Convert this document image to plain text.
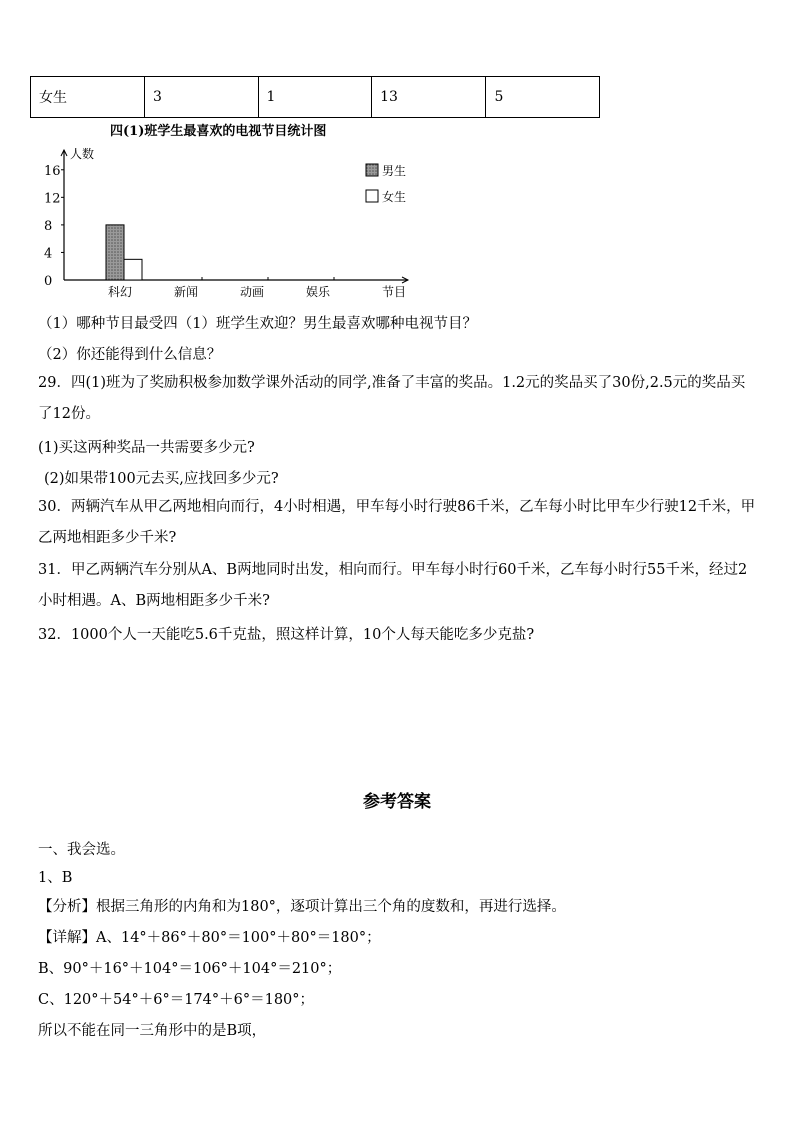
女生	3	1	13	5
四(1)班学生最喜欢的电视节目统计图
人数
节目
0
4
8
12
16
科幻	新闻	动画	娱乐
男生
女生
（1）哪种节目最受四（1）班学生欢迎？男生最喜欢哪种电视节目？
（2）你还能得到什么信息？
29．四(1)班为了奖励积极参加数学课外活动的同学,准备了丰富的奖品。1.2元的奖品买了30份,2.5元的奖品买了12份。
(1)买这两种奖品一共需要多少元?
(2)如果带100元去买,应找回多少元?
30．两辆汽车从甲乙两地相向而行，4小时相遇，甲车每小时行驶86千米，乙车每小时比甲车少行驶12千米，甲乙两地相距多少千米?
31．甲乙两辆汽车分别从A、B两地同时出发，相向而行。甲车每小时行60千米，乙车每小时行55千米，经过2小时相遇。A、B两地相距多少千米?
32．1000个人一天能吃5.6千克盐，照这样计算，10个人每天能吃多少克盐?
参考答案
一、我会选。
1、B
【分析】根据三角形的内角和为180°，逐项计算出三个角的度数和，再进行选择。
【详解】A、14°＋86°＋80°＝100°＋80°＝180°；
B、90°＋16°＋104°＝106°＋104°＝210°；
C、120°＋54°＋6°＝174°＋6°＝180°；
所以不能在同一三角形中的是B项，
